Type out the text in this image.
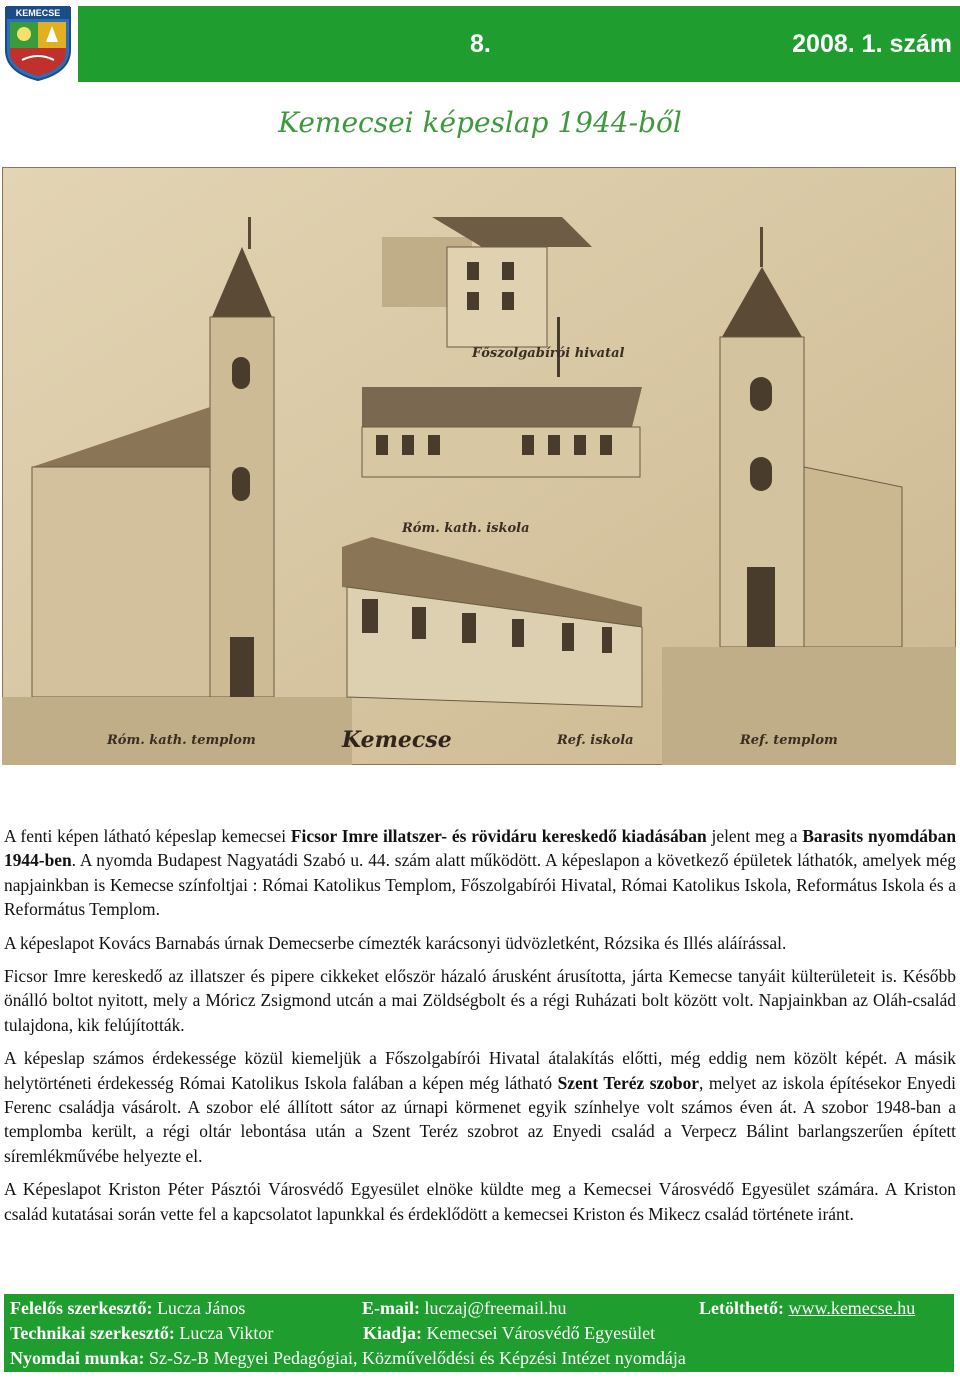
KEMECSE
8.	2008. 1. szám
Kemecsei képeslap 1944-ből
Főszolgabírói hivatal
Róm. kath. iskola
Róm. kath. templom	Kemecse	Ref. iskola	Ref. templom

A fenti képen látható képeslap kemecsei Ficsor Imre illatszer- és rövidáru kereskedő kiadásában jelent meg a Barasits nyomdában 1944-ben. A nyomda Budapest Nagyatádi Szabó u. 44. szám alatt működött. A képeslapon a következő épületek láthatók, amelyek még napjainkban is Kemecse színfoltjai : Római Katolikus Templom, Főszolgabírói Hivatal, Római Katolikus Iskola, Református Iskola és a Református Templom.

A képeslapot Kovács Barnabás úrnak Demecserbe címezték karácsonyi üdvözletként, Rózsika és Illés aláírással.

Ficsor Imre kereskedő az illatszer és pipere cikkeket először házaló árusként árusította, járta Kemecse tanyáit külterületeit is. Később önálló boltot nyitott, mely a Móricz Zsigmond utcán a mai Zöldségbolt és a régi Ruházati bolt között volt. Napjainkban az Oláh-család tulajdona, kik felújították.

A képeslap számos érdekessége közül kiemeljük a Főszolgabírói Hivatal átalakítás előtti, még eddig nem közölt képét. A másik helytörténeti érdekesség Római Katolikus Iskola falában a képen még látható Szent Teréz szobor, melyet az iskola építésekor Enyedi Ferenc családja vásárolt. A szobor elé állított sátor az úrnapi körmenet egyik színhelye volt számos éven át. A szobor 1948-ban a templomba került, a régi oltár lebontása után a Szent Teréz szobrot az Enyedi család a Verpecz Bálint barlangszerűen épített síremlékművébe helyezte el.

A Képeslapot Kriston Péter Pásztói Városvédő Egyesület elnöke küldte meg a Kemecsei Városvédő Egyesület számára. A Kriston család kutatásai során vette fel a kapcsolatot lapunkkal és érdeklődött a kemecsei Kriston és Mikecz család története iránt.

Felelős szerkesztő: Lucza János	E-mail: luczaj@freemail.hu	Letölthető: www.kemecse.hu
Technikai szerkesztő: Lucza Viktor	Kiadja: Kemecsei Városvédő Egyesület
Nyomdai munka: Sz-Sz-B Megyei Pedagógiai, Közművelődési és Képzési Intézet nyomdája
